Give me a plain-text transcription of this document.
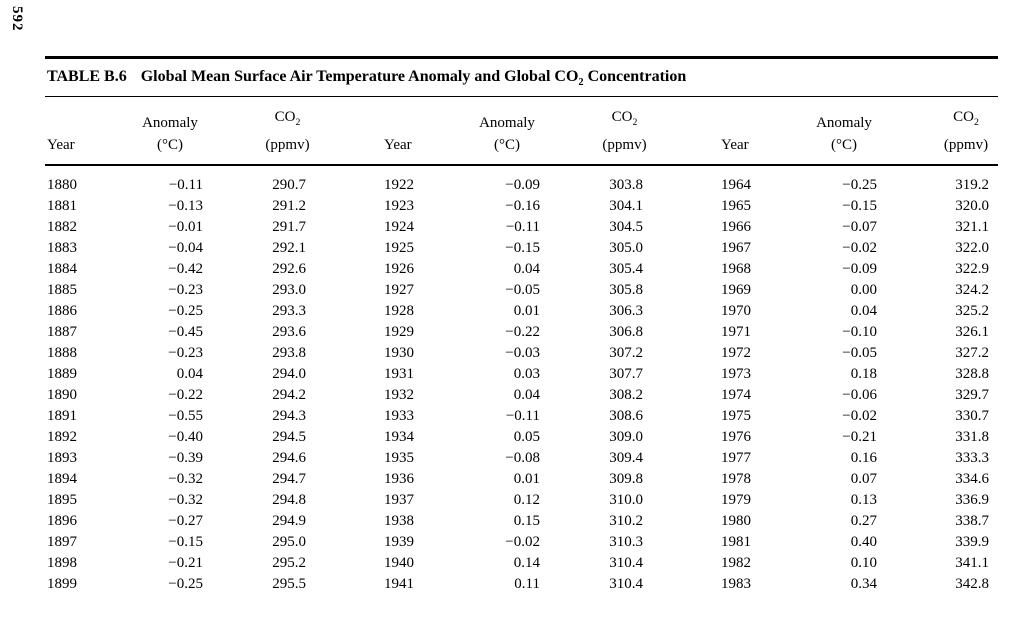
592
TABLE B.6 Global Mean Surface Air Temperature Anomaly and Global $CO_2$ Concentration
	Anomaly	$CO_2$		Anomaly	$CO_2$		Anomaly	$CO_2$
Year	(°C)	(ppmv)	Year	(°C)	(ppmv)	Year	(°C)	(ppmv)
1880	−0.11	290.7	1922	−0.09	303.8	1964	−0.25	319.2
1881	−0.13	291.2	1923	−0.16	304.1	1965	−0.15	320.0
1882	−0.01	291.7	1924	−0.11	304.5	1966	−0.07	321.1
1883	−0.04	292.1	1925	−0.15	305.0	1967	−0.02	322.0
1884	−0.42	292.6	1926	0.04	305.4	1968	−0.09	322.9
1885	−0.23	293.0	1927	−0.05	305.8	1969	0.00	324.2
1886	−0.25	293.3	1928	0.01	306.3	1970	0.04	325.2
1887	−0.45	293.6	1929	−0.22	306.8	1971	−0.10	326.1
1888	−0.23	293.8	1930	−0.03	307.2	1972	−0.05	327.2
1889	0.04	294.0	1931	0.03	307.7	1973	0.18	328.8
1890	−0.22	294.2	1932	0.04	308.2	1974	−0.06	329.7
1891	−0.55	294.3	1933	−0.11	308.6	1975	−0.02	330.7
1892	−0.40	294.5	1934	0.05	309.0	1976	−0.21	331.8
1893	−0.39	294.6	1935	−0.08	309.4	1977	0.16	333.3
1894	−0.32	294.7	1936	0.01	309.8	1978	0.07	334.6
1895	−0.32	294.8	1937	0.12	310.0	1979	0.13	336.9
1896	−0.27	294.9	1938	0.15	310.2	1980	0.27	338.7
1897	−0.15	295.0	1939	−0.02	310.3	1981	0.40	339.9
1898	−0.21	295.2	1940	0.14	310.4	1982	0.10	341.1
1899	−0.25	295.5	1941	0.11	310.4	1983	0.34	342.8
